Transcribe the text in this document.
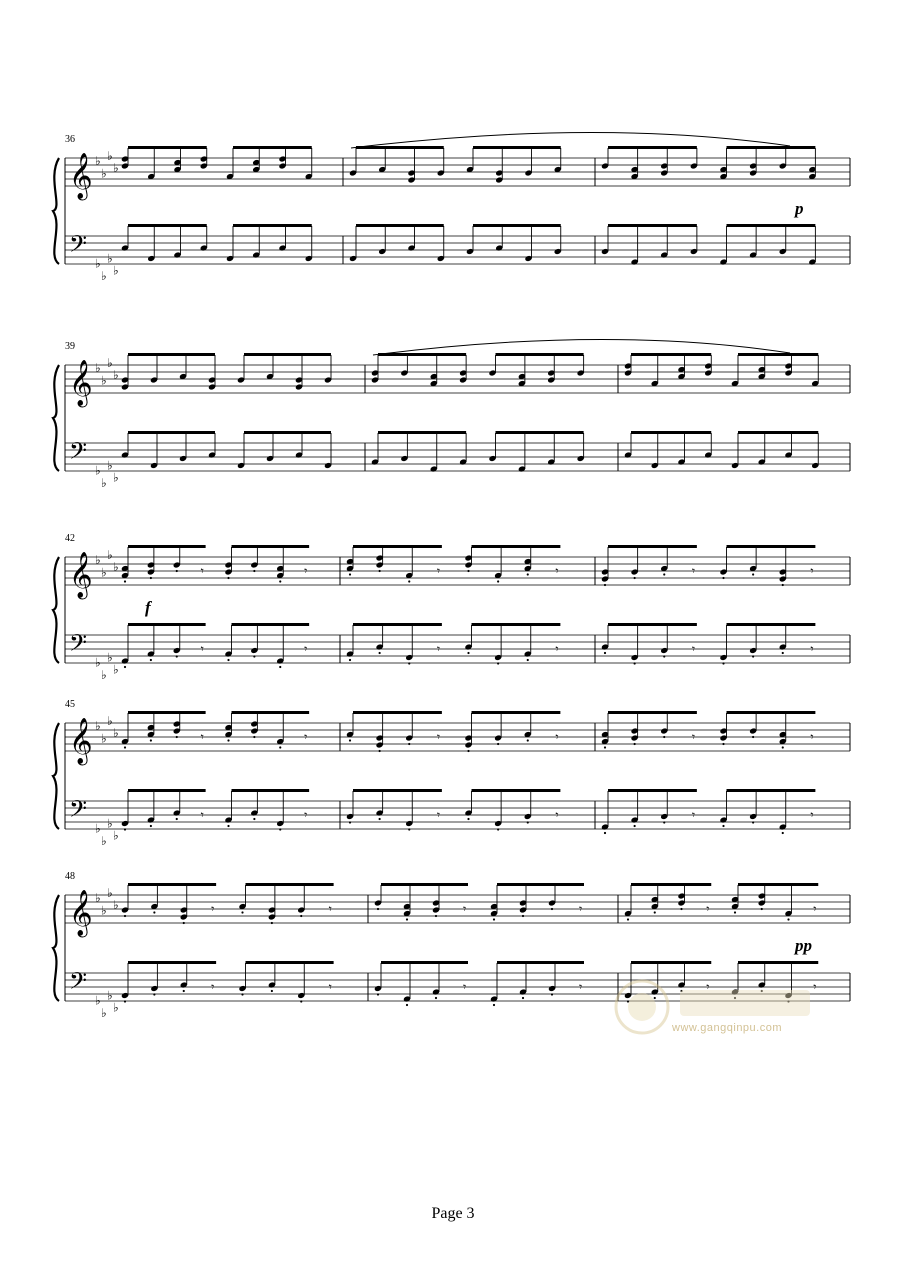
𝄞 ♭
♭
♭
♭
𝄢
♭
♭
♭
♭
36
p
𝄞 ♭
♭
♭
♭
𝄢
♭
♭
♭
♭
39
𝄞 ♭
♭
♭
♭
𝄢
♭
♭
♭
♭
42
𝄾	𝄾
𝄾	𝄾
𝄾	𝄾
𝄾	𝄾
𝄾	𝄾
𝄾	𝄾
f
𝄞 ♭
♭
♭
♭
𝄢
♭
♭
♭
♭
45
𝄾	𝄾
𝄾	𝄾
𝄾	𝄾
𝄾	𝄾
𝄾	𝄾
𝄾	𝄾
𝄞 ♭
♭
♭
♭
𝄢
♭
♭
♭
♭
48
𝄾	𝄾
𝄾	𝄾
𝄾	𝄾
𝄾	𝄾
𝄾	𝄾
𝄾	𝄾
pp
www.gangqinpu.com
Page 3
